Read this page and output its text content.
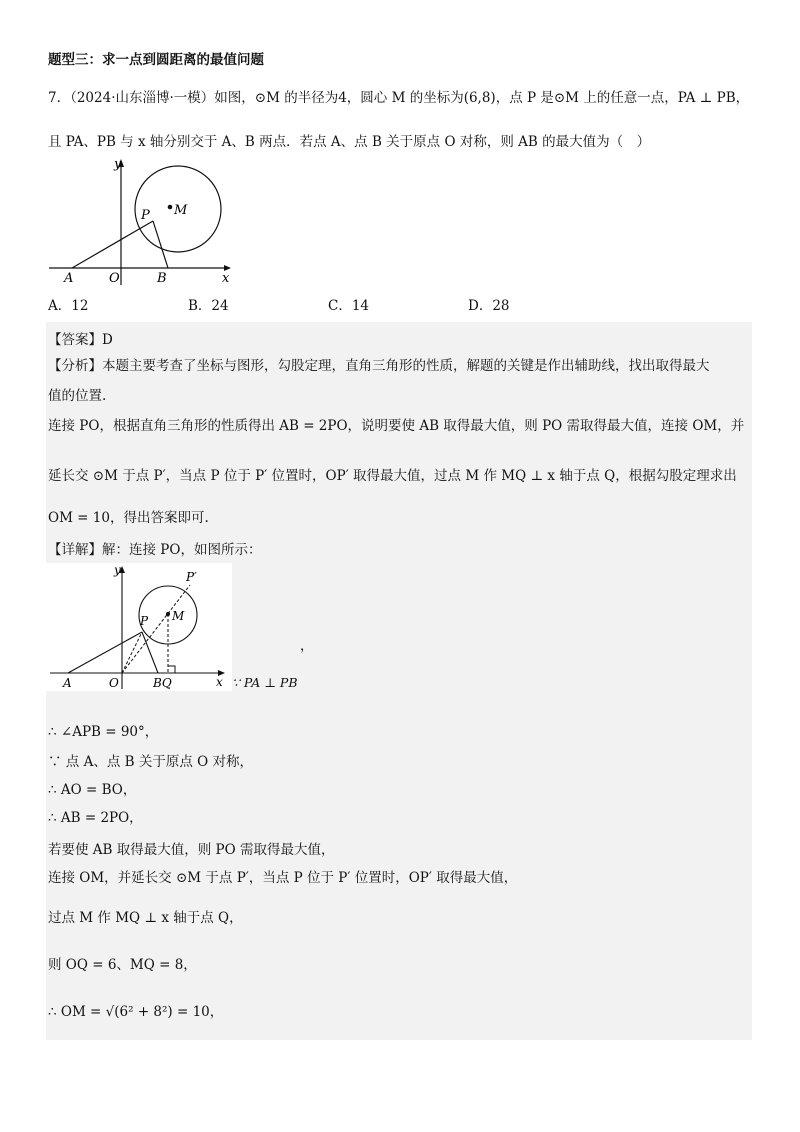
题型三：求一点到圆距离的最值问题
7．（2024·山东淄博·一模）如图，⊙M 的半径为4，圆心 M 的坐标为(6,8)，点 P 是⊙M 上的任意一点，PA ⊥ PB，
且 PA、PB 与 x 轴分别交于 A、B 两点．若点 A、点 B 关于原点 O 对称，则 AB 的最大值为（　）
y
x
O
A	B
P M
A．12	B．24	C．14	D．28
【答案】D
【分析】本题主要考查了坐标与图形，勾股定理，直角三角形的性质，解题的关键是作出辅助线，找出取得最大
值的位置.
连接 PO，根据直角三角形的性质得出 AB = 2PO，说明要使 AB 取得最大值，则 PO 需取得最大值，连接 OM，并
延长交 ⊙M 于点 P′，当点 P 位于 P′ 位置时，OP′ 取得最大值，过点 M 作 MQ ⊥ x 轴于点 Q，根据勾股定理求出
OM = 10，得出答案即可.
【详解】解：连接 PO，如图所示：
y
x
O
A	BQ
P M
P′
，
∵ PA ⊥ PB
∴ ∠APB = 90°，
∵ 点 A、点 B 关于原点 O 对称，
∴ AO = BO，
∴ AB = 2PO，
若要使 AB 取得最大值，则 PO 需取得最大值，
连接 OM，并延长交 ⊙M 于点 P′，当点 P 位于 P′ 位置时，OP′ 取得最大值，
过点 M 作 MQ ⊥ x 轴于点 Q，
则 OQ = 6、MQ = 8，
∴ OM = √(6² + 8²) = 10，
